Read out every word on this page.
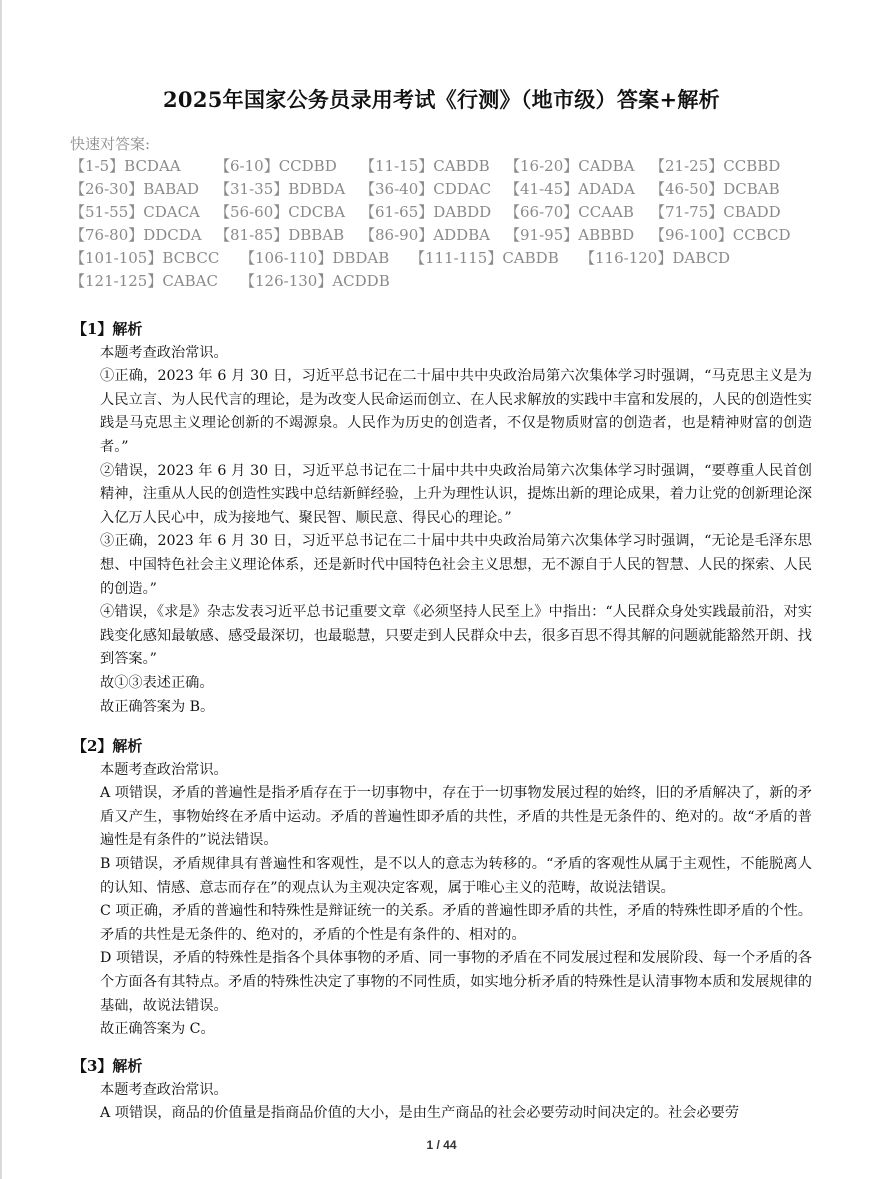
2025年国家公务员录用考试《行测》（地市级）答案+解析
快速对答案:
【1-5】BCDAA	【6-10】CCDBD	【11-15】CABDB	【16-20】CADBA	【21-25】CCBBD
【26-30】BABAD	【31-35】BDBDA 【36-40】CDDAC 【41-45】ADADA	【46-50】DCBAB
【51-55】CDACA	【56-60】CDCBA 【61-65】DABDD 【66-70】CCAAB	【71-75】CBADD
【76-80】DDCDA 【81-85】DBBAB	【86-90】ADDBA	【91-95】ABBBD	【96-100】CCBCD
【101-105】BCBCC	【106-110】DBDAB	【111-115】CABDB	【116-120】DABCD
【121-125】CABAC	【126-130】ACDDB
【1】解析

本题考查政治常识。

①正确，2023 年 6 月 30 日，习近平总书记在二十届中共中央政治局第六次集体学习时强调，“马克思主义是为人民立言、为人民代言的理论，是为改变人民命运而创立、在人民求解放的实践中丰富和发展的，人民的创造性实践是马克思主义理论创新的不竭源泉。人民作为历史的创造者，不仅是物质财富的创造者，也是精神财富的创造者。”

②错误，2023 年 6 月 30 日，习近平总书记在二十届中共中央政治局第六次集体学习时强调，“要尊重人民首创精神，注重从人民的创造性实践中总结新鲜经验，上升为理性认识，提炼出新的理论成果，着力让党的创新理论深入亿万人民心中，成为接地气、聚民智、顺民意、得民心的理论。”

③正确，2023 年 6 月 30 日，习近平总书记在二十届中共中央政治局第六次集体学习时强调，“无论是毛泽东思想、中国特色社会主义理论体系，还是新时代中国特色社会主义思想，无不源自于人民的智慧、人民的探索、人民的创造。”

④错误，《求是》杂志发表习近平总书记重要文章《必须坚持人民至上》中指出：“人民群众身处实践最前沿，对实践变化感知最敏感、感受最深切，也最聪慧，只要走到人民群众中去，很多百思不得其解的问题就能豁然开朗、找到答案。”

故①③表述正确。

故正确答案为 B。

【2】解析

本题考查政治常识。

A 项错误，矛盾的普遍性是指矛盾存在于一切事物中，存在于一切事物发展过程的始终，旧的矛盾解决了，新的矛盾又产生，事物始终在矛盾中运动。矛盾的普遍性即矛盾的共性，矛盾的共性是无条件的、绝对的。故“矛盾的普遍性是有条件的”说法错误。

B 项错误，矛盾规律具有普遍性和客观性，是不以人的意志为转移的。“矛盾的客观性从属于主观性，不能脱离人的认知、情感、意志而存在”的观点认为主观决定客观，属于唯心主义的范畴，故说法错误。

C 项正确，矛盾的普遍性和特殊性是辩证统一的关系。矛盾的普遍性即矛盾的共性，矛盾的特殊性即矛盾的个性。矛盾的共性是无条件的、绝对的，矛盾的个性是有条件的、相对的。

D 项错误，矛盾的特殊性是指各个具体事物的矛盾、同一事物的矛盾在不同发展过程和发展阶段、每一个矛盾的各个方面各有其特点。矛盾的特殊性决定了事物的不同性质，如实地分析矛盾的特殊性是认清事物本质和发展规律的基础，故说法错误。

故正确答案为 C。

【3】解析

本题考查政治常识。

A 项错误，商品的价值量是指商品价值的大小，是由生产商品的社会必要劳动时间决定的。社会必要劳

1 / 44
